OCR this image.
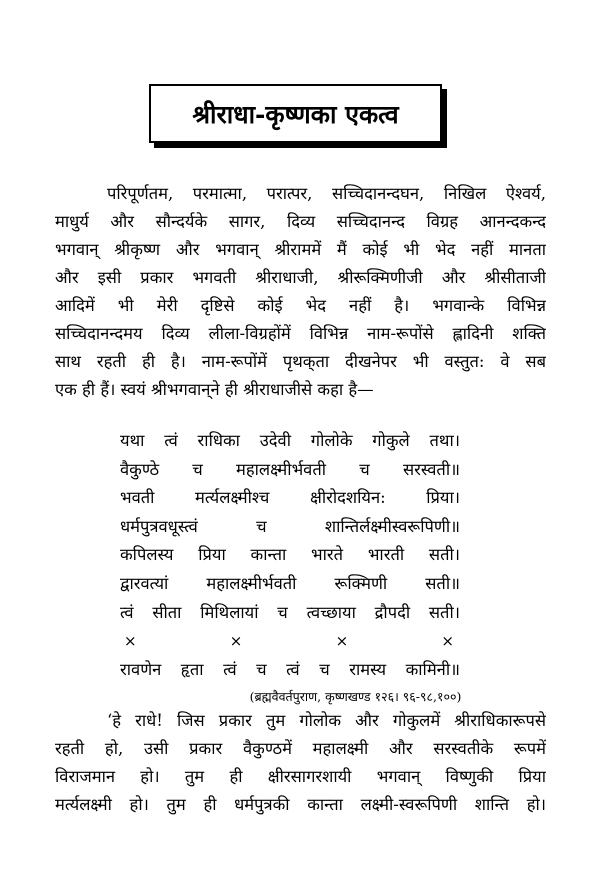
श्रीराधा-कृष्णका एकत्व
परिपूर्णतम, परमात्मा, परात्पर, सच्चिदानन्दघन, निखिल ऐश्वर्य,
माधुर्य और सौन्दर्यके सागर, दिव्य सच्चिदानन्द विग्रह आनन्दकन्द
भगवान् श्रीकृष्ण और भगवान् श्रीराममें मैं कोई भी भेद नहीं मानता
और इसी प्रकार भगवती श्रीराधाजी, श्रीरूक्मिणीजी और श्रीसीताजी
आदिमें भी मेरी दृष्टिसे कोई भेद नहीं है। भगवान्के विभिन्न
सच्चिदानन्दमय दिव्य लीला-विग्रहोंमें विभिन्न नाम-रूपोंसे ह्लादिनी शक्ति
साथ रहती ही है। नाम-रूपोंमें पृथक्‌ता दीखनेपर भी वस्तुत: वे सब
एक ही हैं। स्वयं श्रीभगवान्‌ने ही श्रीराधाजीसे कहा है—
यथा त्वं राधिका उदेवी गोलोके गोकुले तथा।
वैकुण्ठे च महालक्ष्मीर्भवती च सरस्वती॥
भवती मर्त्यलक्ष्मीश्च क्षीरोदशयिन: प्रिया।
धर्मपुत्रवधूस्त्वं च शान्तिर्लक्ष्मीस्वरूपिणी॥
कपिलस्य प्रिया कान्ता भारते भारती सती।
द्वारवत्यां महालक्ष्मीर्भवती रूक्मिणी सती॥
त्वं सीता मिथिलायां च त्वच्छाया द्रौपदी सती।
×	×	×	×
रावणेन हृता त्वं च त्वं च रामस्य कामिनी॥
(ब्रह्मवैवर्तपुराण, कृष्णखण्ड १२६। ९६-९८,१००)
‘हे राधे! जिस प्रकार तुम गोलोक और गोकुलमें श्रीराधिकारूपसे
रहती हो, उसी प्रकार वैकुण्ठमें महालक्ष्मी और सरस्वतीके रूपमें
विराजमान हो। तुम ही क्षीरसागरशायी भगवान् विष्णुकी प्रिया
मर्त्यलक्ष्मी हो। तुम ही धर्मपुत्रकी कान्ता लक्ष्मी-स्वरूपिणी शान्ति हो।
